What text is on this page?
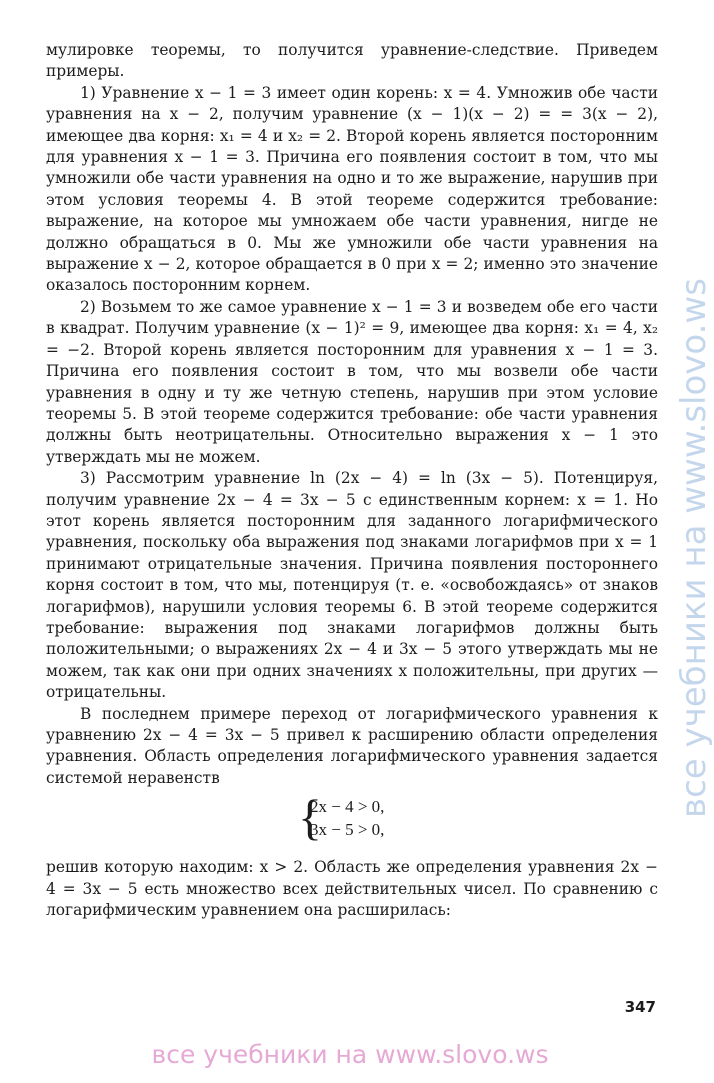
мулировке теоремы, то получится уравнение-следствие. Приведем примеры.

1) Уравнение x − 1 = 3 имеет один корень: x = 4. Умножив обе части уравнения на x − 2, получим уравнение (x − 1)(x − 2) = = 3(x − 2), имеющее два корня: x₁ = 4 и x₂ = 2. Второй корень является посторонним для уравнения x − 1 = 3. Причина его появления состоит в том, что мы умножили обе части уравнения на одно и то же выражение, нарушив при этом условия теоремы 4. В этой теореме содержится требование: выражение, на которое мы умножаем обе части уравнения, нигде не должно обращаться в 0. Мы же умножили обе части уравнения на выражение x − 2, которое обращается в 0 при x = 2; именно это значение оказалось посторонним корнем.

2) Возьмем то же самое уравнение x − 1 = 3 и возведем обе его части в квадрат. Получим уравнение (x − 1)² = 9, имеющее два корня: x₁ = 4, x₂ = −2. Второй корень является посторонним для уравнения x − 1 = 3. Причина его появления состоит в том, что мы возвели обе части уравнения в одну и ту же четную степень, нарушив при этом условие теоремы 5. В этой теореме содержится требование: обе части уравнения должны быть неотрицательны. Относительно выражения x − 1 это утверждать мы не можем.

3) Рассмотрим уравнение ln (2x − 4) = ln (3x − 5). Потенцируя, получим уравнение 2x − 4 = 3x − 5 с единственным корнем: x = 1. Но этот корень является посторонним для заданного логарифмического уравнения, поскольку оба выражения под знаками логарифмов при x = 1 принимают отрицательные значения. Причина появления постороннего корня состоит в том, что мы, потенцируя (т. е. «освобождаясь» от знаков логарифмов), нарушили условия теоремы 6. В этой теореме содержится требование: выражения под знаками логарифмов должны быть положительными; о выражениях 2x − 4 и 3x − 5 этого утверждать мы не можем, так как они при одних значениях x положительны, при других — отрицательны.

В последнем примере переход от логарифмического уравнения к уравнению 2x − 4 = 3x − 5 привел к расширению области определения уравнения. Область определения логарифмического уравнения задается системой неравенств

{
2x − 4 > 0,
3x − 5 > 0,

решив которую находим: x > 2. Область же определения уравнения 2x − 4 = 3x − 5 есть множество всех действительных чисел. По сравнению с логарифмическим уравнением она расширилась:

347
все учебники на www.slovo.ws
все учебники на www.slovo.ws
